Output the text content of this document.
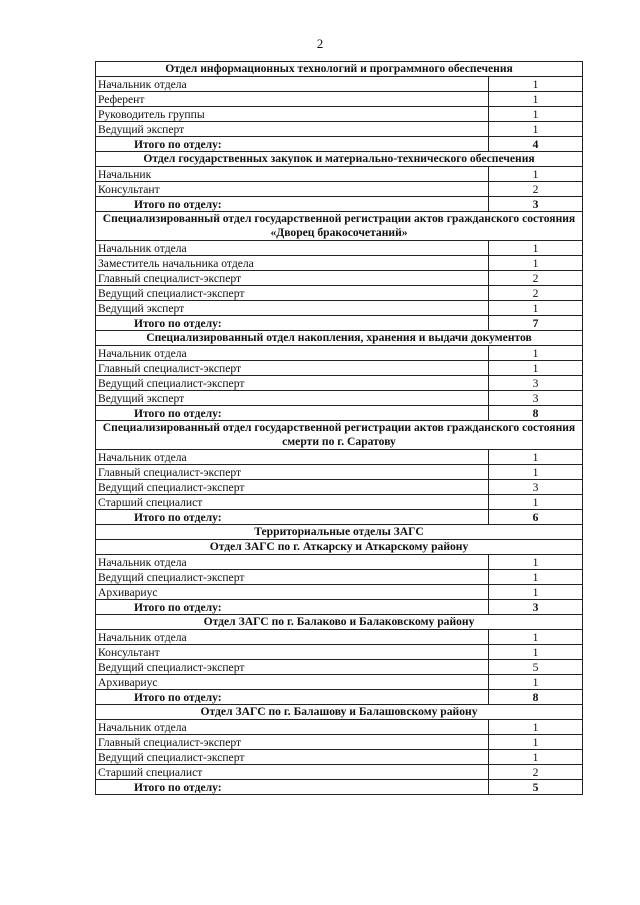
2
Отдел информационных технологий и программного обеспечения	
Начальник отдела	1
Референт	1
Руководитель группы	1
Ведущий эксперт	1
Итого по отделу:	4
Отдел государственных закупок и материально-технического обеспечения	
Начальник	1
Консультант	2
Итого по отделу:	3
Специализированный отдел государственной регистрации актов гражданского состояния «Дворец бракосочетаний»	
Начальник отдела	1
Заместитель начальника отдела	1
Главный специалист-эксперт	2
Ведущий специалист-эксперт	2
Ведущий эксперт	1
Итого по отделу:	7
Специализированный отдел накопления, хранения и выдачи документов	
Начальник отдела	1
Главный специалист-эксперт	1
Ведущий специалист-эксперт	3
Ведущий эксперт	3
Итого по отделу:	8
Специализированный отдел государственной регистрации актов гражданского состояния смерти по г. Саратову	
Начальник отдела	1
Главный специалист-эксперт	1
Ведущий специалист-эксперт	3
Старший специалист	1
Итого по отделу:	6
Территориальные отделы ЗАГС	
Отдел ЗАГС по г. Аткарску и Аткарскому району	
Начальник отдела	1
Ведущий специалист-эксперт	1
Архивариус	1
Итого по отделу:	3
Отдел ЗАГС по г. Балаково и Балаковскому району	
Начальник отдела	1
Консультант	1
Ведущий специалист-эксперт	5
Архивариус	1
Итого по отделу:	8
Отдел ЗАГС по г. Балашову и Балашовскому району	
Начальник отдела	1
Главный специалист-эксперт	1
Ведущий специалист-эксперт	1
Старший специалист	2
Итого по отделу:	5
